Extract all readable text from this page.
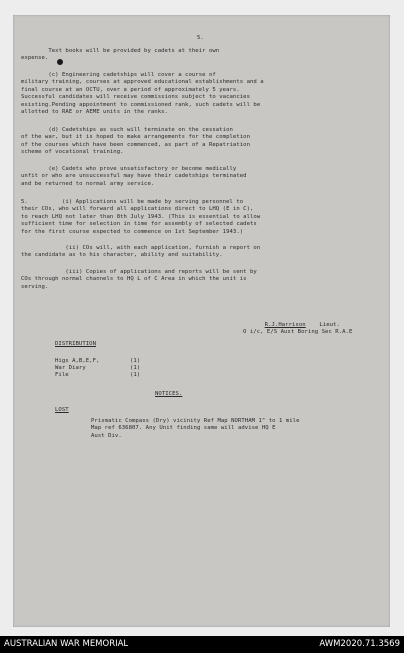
5.
Text books will be provided by cadets at their own
expense.
(c) Engineering cadetships will cover a course of
military training, courses at approved educational establishments and a
final course at an OCTU, over a period of approximately 5 years.
Successful candidates will receive commissions subject to vacancies
existing.Pending appointment to commissioned rank, such cadets will be
allotted to RAE or AEME units in the ranks.
(d) Cadetships as such will terminate on the cessation
of the war, but it is hoped to make arrangements for the completion
of the courses which have been commenced, as part of a Repatriation
scheme of vocational training.
(e) Cadets who prove unsatisfactory or become medically
unfit or who are unsuccessful may have their cadetships terminated
and be returned to normal army service.
5.          (i) Applications will be made by serving personnel to
their COs, who will forward all applications direct to LHQ (E in C),
to reach LHQ not later than 8th July 1943. (This is essential to allow
sufficient time for selection in time for assembly of selected cadets
for the first course expected to commence on 1st September 1943.)
(ii) COs will, with each application, furnish a report on
the candidate as to his character, ability and suitability.
(iii) Copies of applications and reports will be sent by
COs through normal channels to HQ L of C Area in which the unit is
serving.

R.J.Harrison Lieut.

O i/c, E/S Aust Boring Sec R.A.E
DISTRIBUTION
Higs A,B,E,F,	(1)
War Diary	(1)
File	(1)
NOTICES.
LOST
Prismatic Compass (Dry) vicinity Ref Map NORTHAM 1" to 1 mile
Map ref 636807. Any Unit finding same will advise HQ E
Aust Div.
AUSTRALIAN WAR MEMORIAL	AWM2020.71.3569
